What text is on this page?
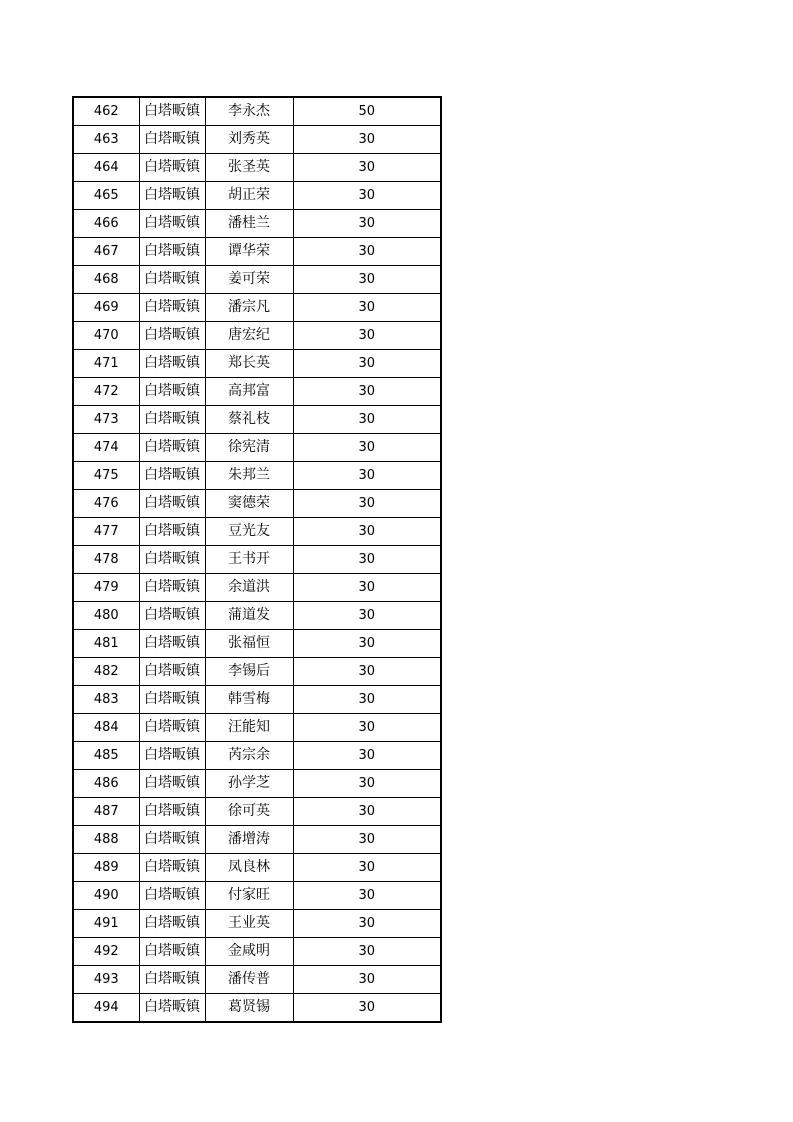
462	白塔畈镇	李永杰	50
463	白塔畈镇	刘秀英	30
464	白塔畈镇	张圣英	30
465	白塔畈镇	胡正荣	30
466	白塔畈镇	潘桂兰	30
467	白塔畈镇	谭华荣	30
468	白塔畈镇	姜可荣	30
469	白塔畈镇	潘宗凡	30
470	白塔畈镇	唐宏纪	30
471	白塔畈镇	郑长英	30
472	白塔畈镇	高邦富	30
473	白塔畈镇	蔡礼枝	30
474	白塔畈镇	徐宪清	30
475	白塔畈镇	朱邦兰	30
476	白塔畈镇	窦德荣	30
477	白塔畈镇	豆光友	30
478	白塔畈镇	王书开	30
479	白塔畈镇	余道洪	30
480	白塔畈镇	蒲道发	30
481	白塔畈镇	张福恒	30
482	白塔畈镇	李锡后	30
483	白塔畈镇	韩雪梅	30
484	白塔畈镇	汪能知	30
485	白塔畈镇	芮宗余	30
486	白塔畈镇	孙学芝	30
487	白塔畈镇	徐可英	30
488	白塔畈镇	潘增涛	30
489	白塔畈镇	凤良林	30
490	白塔畈镇	付家旺	30
491	白塔畈镇	王业英	30
492	白塔畈镇	金咸明	30
493	白塔畈镇	潘传普	30
494	白塔畈镇	葛贤锡	30
